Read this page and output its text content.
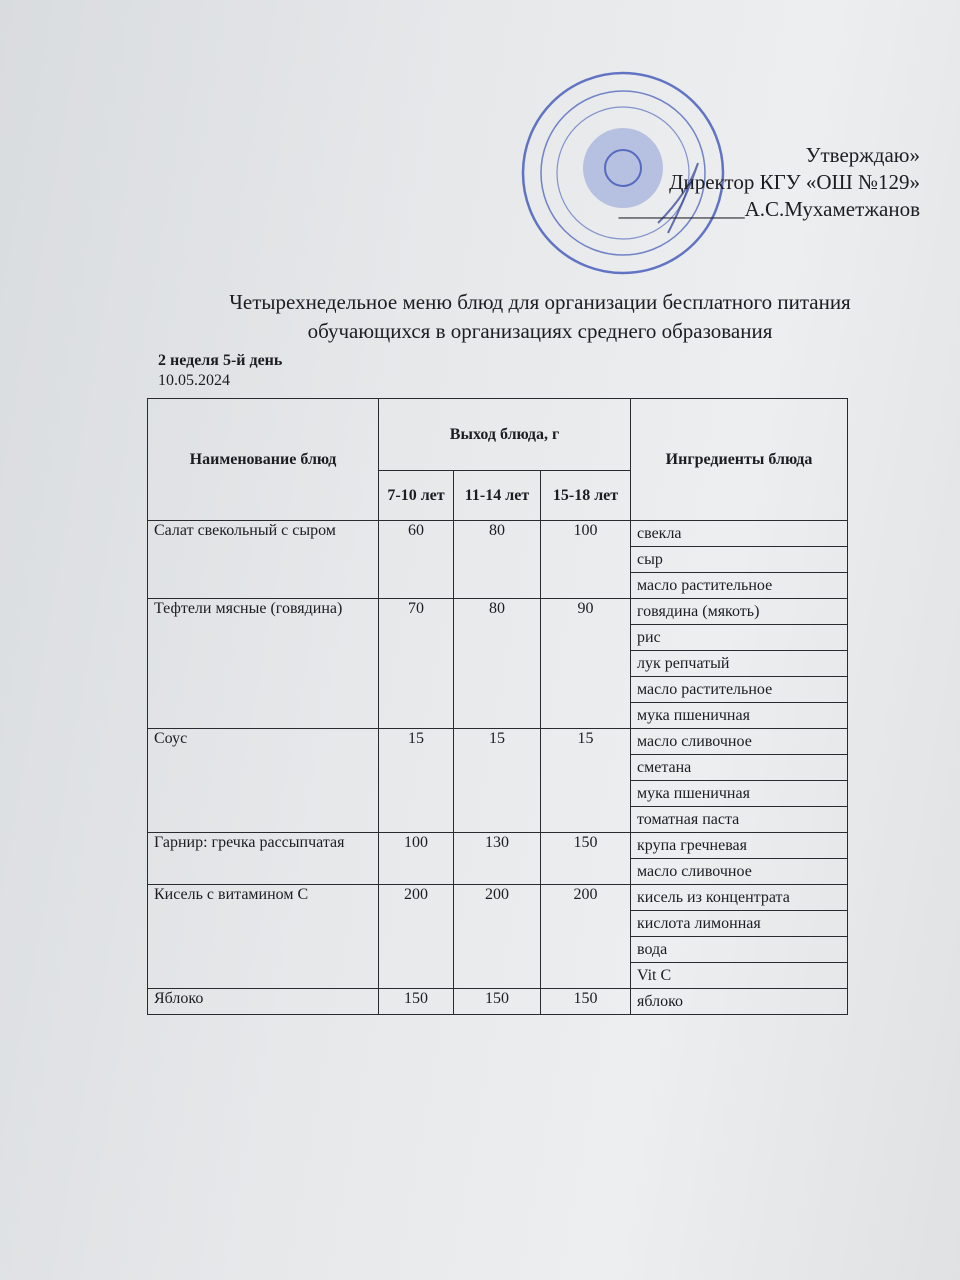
Утверждаю»
Директор КГУ «ОШ №129»
____________А.С.Мухаметжанов
Четырехнедельное меню блюд для организации бесплатного питания
обучающихся в организациях среднего образования
2 неделя 5-й день
10.05.2024
Наименование блюд	Выход блюда, г			Ингредиенты блюда
	7-10 лет	11-14 лет	15-18 лет	
Салат свекольный с сыром	60	80	100	свекла
				сыр
				масло растительное
Тефтели мясные (говядина)	70	80	90	говядина (мякоть)
				рис
				лук репчатый
				масло растительное
				мука пшеничная
Соус	15	15	15	масло сливочное
				сметана
				мука пшеничная
				томатная паста
Гарнир: гречка рассыпчатая	100	130	150	крупа гречневая
				масло сливочное
Кисель с витамином С	200	200	200	кисель из концентрата
				кислота лимонная
				вода
				Vit C
Яблоко	150	150	150	яблоко
